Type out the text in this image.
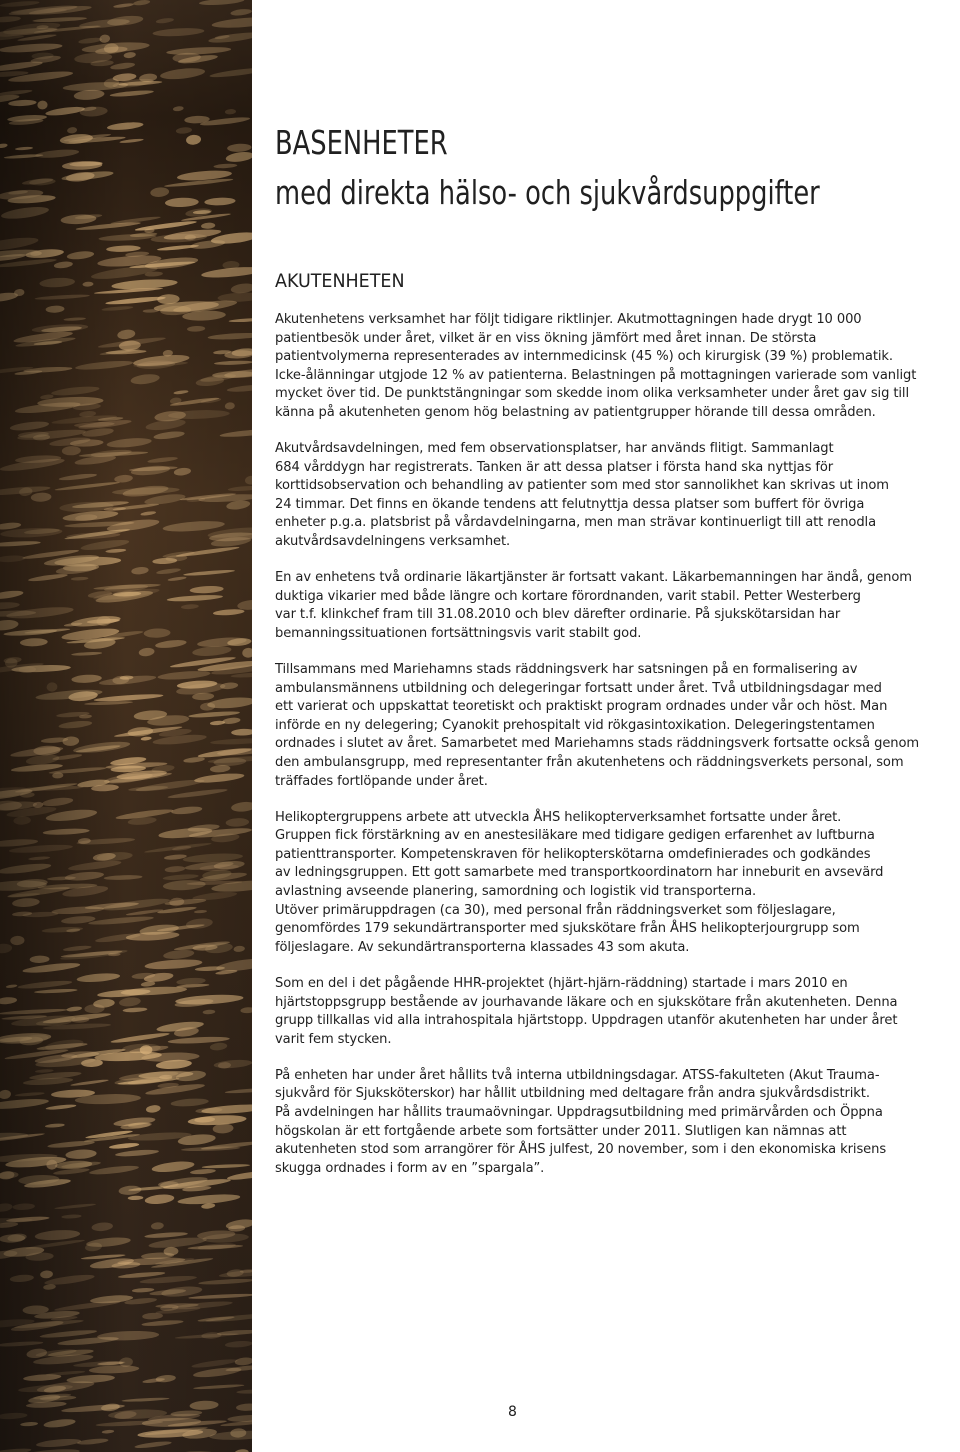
BASENHETER
med direkta hälso- och sjukvårdsuppgifter
AKUTENHETEN

Akutenhetens verksamhet har följt tidigare riktlinjer. Akutmottagningen hade drygt 10 000
patientbesök under året, vilket är en viss ökning jämfört med året innan. De största
patientvolymerna representerades av internmedicinsk (45 %) och kirurgisk (39 %) problematik.
Icke-ålänningar utgjode 12 % av patienterna. Belastningen på mottagningen varierade som vanligt
mycket över tid. De punktstängningar som skedde inom olika verksamheter under året gav sig till
känna på akutenheten genom hög belastning av patientgrupper hörande till dessa områden.

Akutvårdsavdelningen, med fem observationsplatser, har används flitigt. Sammanlagt
684 vårddygn har registrerats. Tanken är att dessa platser i första hand ska nyttjas för
korttidsobservation och behandling av patienter som med stor sannolikhet kan skrivas ut inom
24 timmar. Det finns en ökande tendens att felutnyttja dessa platser som buffert för övriga
enheter p.g.a. platsbrist på vårdavdelningarna, men man strävar kontinuerligt till att renodla
akutvårdsavdelningens verksamhet.

En av enhetens två ordinarie läkartjänster är fortsatt vakant. Läkarbemanningen har ändå, genom
duktiga vikarier med både längre och kortare förordnanden, varit stabil. Petter Westerberg
var t.f. klinkchef fram till 31.08.2010 och blev därefter ordinarie. På sjukskötarsidan har
bemanningssituationen fortsättningsvis varit stabilt god.

Tillsammans med Mariehamns stads räddningsverk har satsningen på en formalisering av
ambulansmännens utbildning och delegeringar fortsatt under året. Två utbildningsdagar med
ett varierat och uppskattat teoretiskt och praktiskt program ordnades under vår och höst. Man
införde en ny delegering; Cyanokit prehospitalt vid rökgasintoxikation. Delegeringstentamen
ordnades i slutet av året. Samarbetet med Mariehamns stads räddningsverk fortsatte också genom
den ambulansgrupp, med representanter från akutenhetens och räddningsverkets personal, som
träffades fortlöpande under året.

Helikoptergruppens arbete att utveckla ÅHS helikopterverksamhet fortsatte under året.
Gruppen fick förstärkning av en anestesiläkare med tidigare gedigen erfarenhet av luftburna
patienttransporter. Kompetenskraven för helikopterskötarna omdefinierades och godkändes
av ledningsgruppen. Ett gott samarbete med transportkoordinatorn har inneburit en avsevärd
avlastning avseende planering, samordning och logistik vid transporterna.
Utöver primäruppdragen (ca 30), med personal från räddningsverket som följeslagare,
genomfördes 179 sekundärtransporter med sjukskötare från ÅHS helikopterjourgrupp som
följeslagare. Av sekundärtransporterna klassades 43 som akuta.

Som en del i det pågående HHR-projektet (hjärt-hjärn-räddning) startade i mars 2010 en
hjärtstoppsgrupp bestående av jourhavande läkare och en sjukskötare från akutenheten. Denna
grupp tillkallas vid alla intrahospitala hjärtstopp. Uppdragen utanför akutenheten har under året
varit fem stycken.

På enheten har under året hållits två interna utbildningsdagar. ATSS-fakulteten (Akut Trauma-
sjukvård för Sjuksköterskor) har hållit utbildning med deltagare från andra sjukvårdsdistrikt.
På avdelningen har hållits traumaövningar. Uppdragsutbildning med primärvården och Öppna
högskolan är ett fortgående arbete som fortsätter under 2011. Slutligen kan nämnas att
akutenheten stod som arrangörer för ÅHS julfest, 20 november, som i den ekonomiska krisens
skugga ordnades i form av en ”spargala”.

8
